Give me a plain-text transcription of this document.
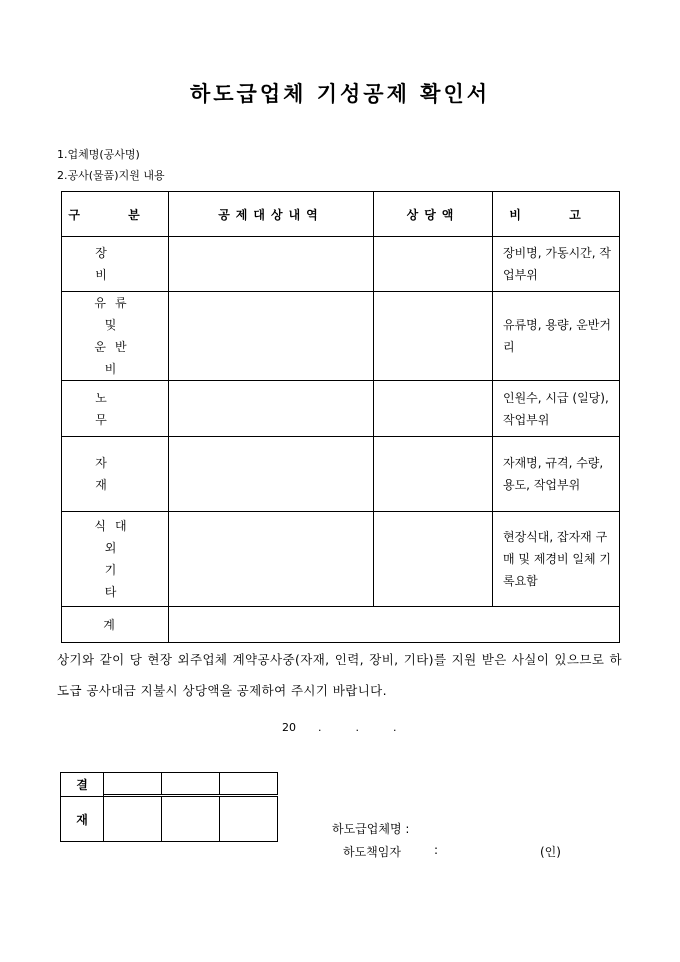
하도급업체 기성공제 확인서

1.업체명(공사명)

2.공사(물품)지원 내용

구 분	공제대상내역	상당액	비 고
장 비			장비명, 가동시간, 작업부위
유류및 운반비			유류명, 용량, 운반거리
노 무			인원수, 시급 (일당), 작업부위
자 재			자재명, 규격, 수량, 용도, 작업부위
식대외 기 타			현장식대, 잡자재 구매 및 제경비 일체 기록요함
계			

상기와 같이 당 현장 외주업체 계약공사중(자재, 인력, 장비, 기타)를 지원 받은 사실이 있으므로 하도급 공사대금 지불시 상당액을 공제하여 주시기 바랍니다.

20 .	.	.

결			

재			

하도급업체명 :

하도책임자	:	(인)
